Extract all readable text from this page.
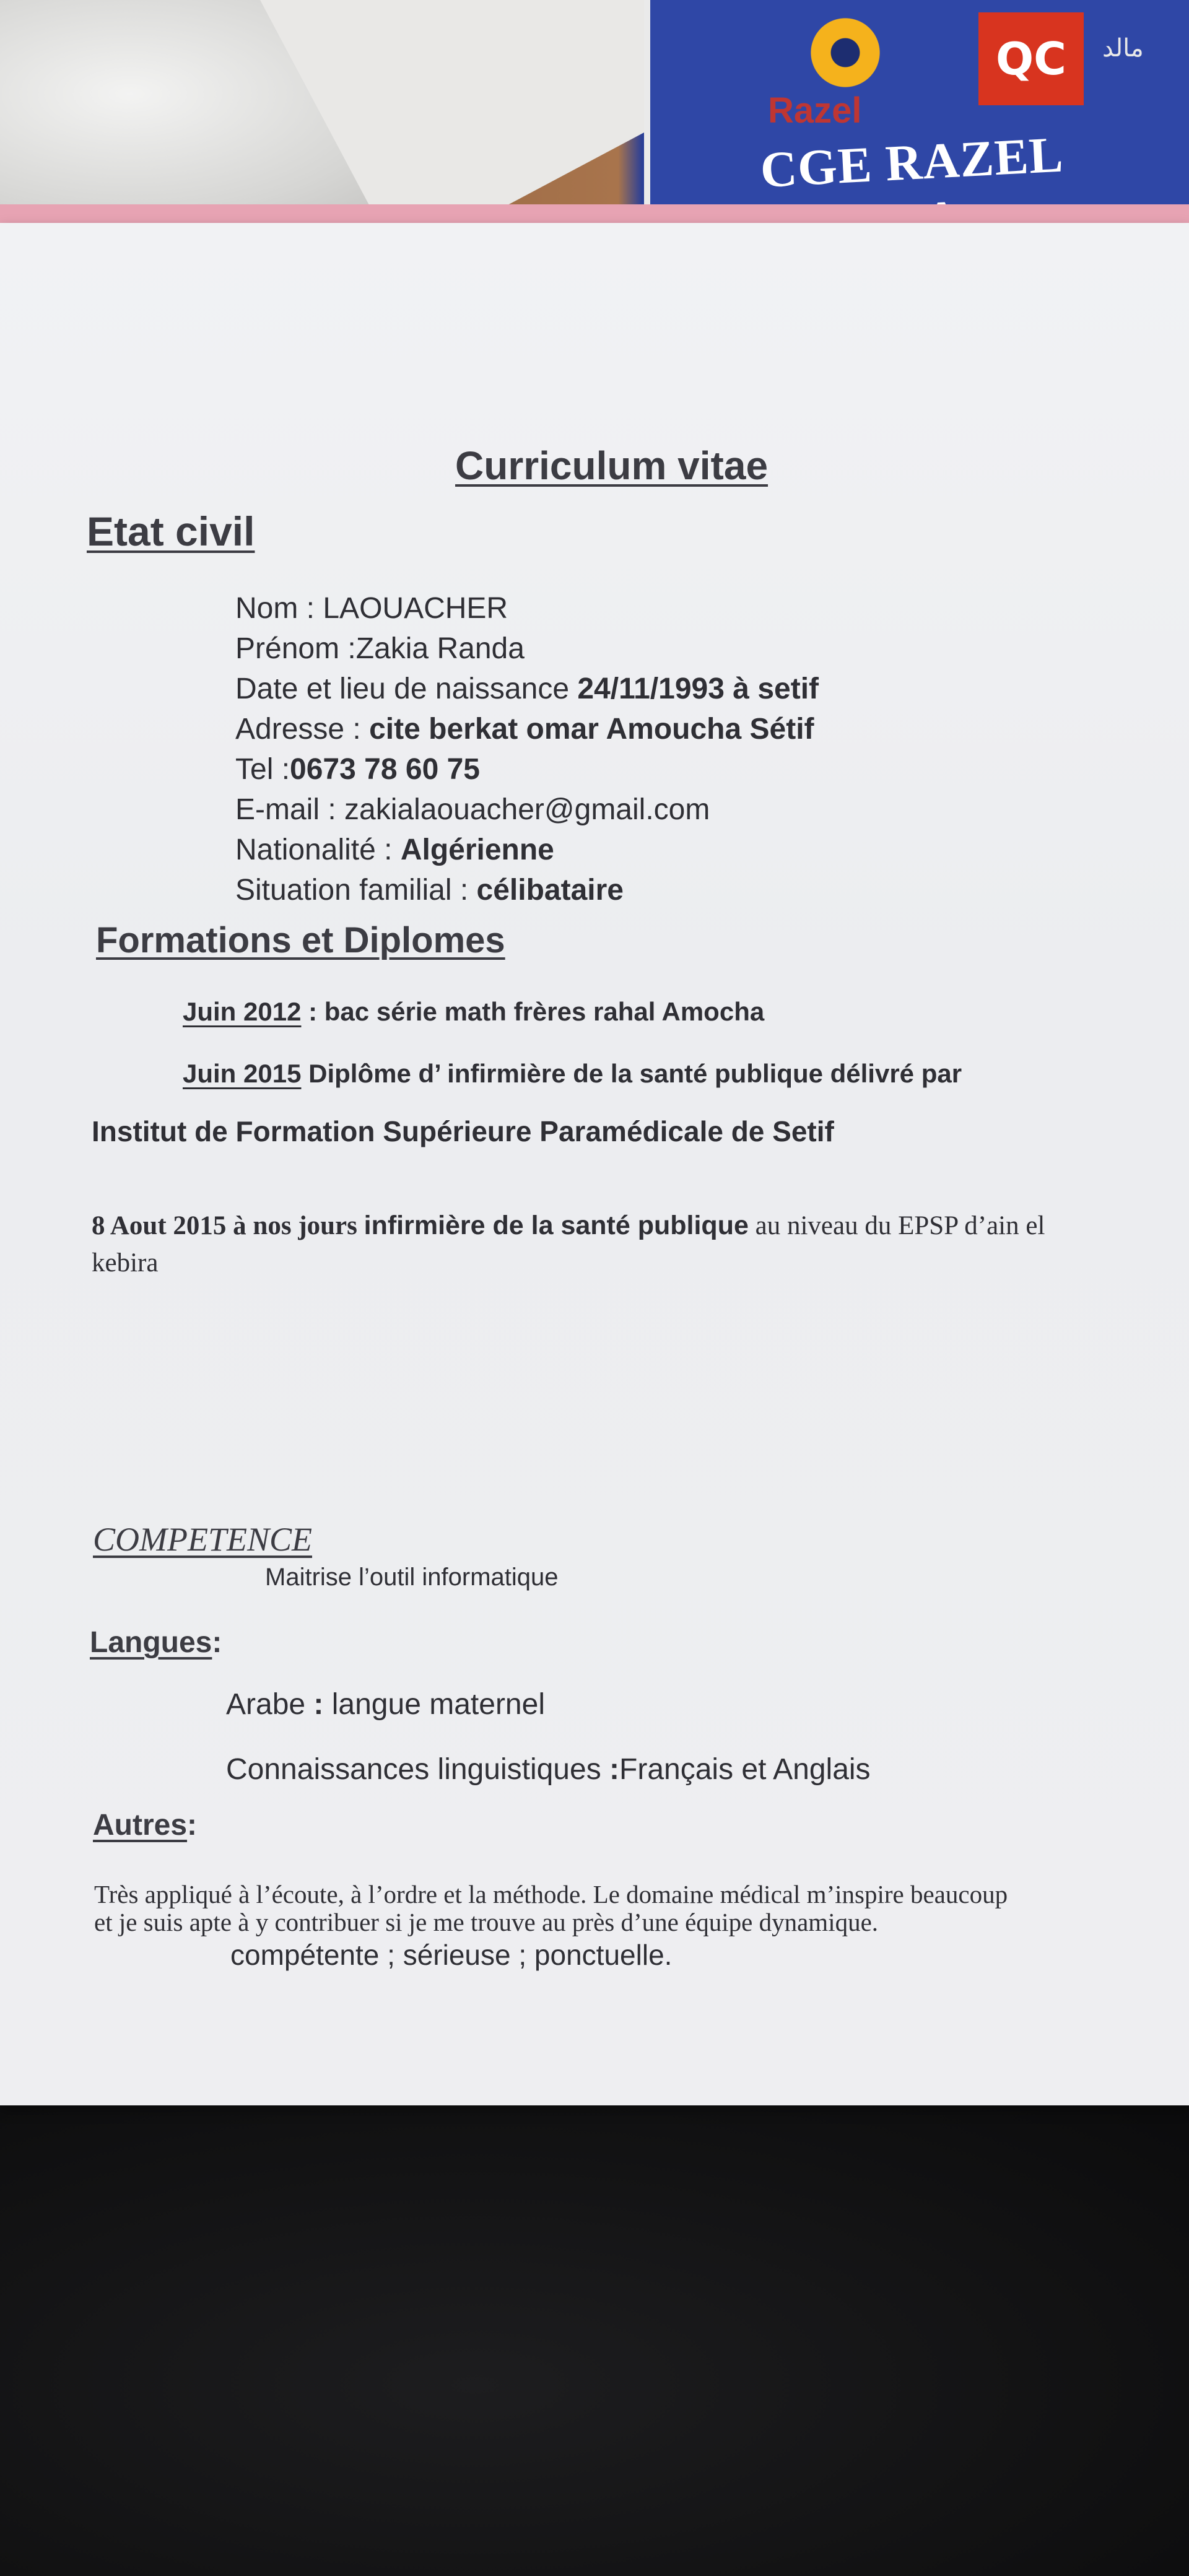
QC
Razel
مالد
CGE RAZEL
Curriculum vitae
Etat civil
Nom : LAOUACHER
Prénom :Zakia Randa
Date et lieu de naissance 24/11/1993 à setif
Adresse : cite berkat omar Amoucha Sétif
Tel :0673 78 60 75
E-mail : zakialaouacher@gmail.com
Nationalité : Algérienne
Situation familial : célibataire
Formations et Diplomes
Juin 2012 : bac série math frères rahal Amocha
Juin 2015 Diplôme d’ infirmière de la santé publique délivré par
Institut de Formation Supérieure Paramédicale de Setif
8 Aout 2015 à nos jours infirmière de la santé publique au niveau du EPSP d’ain el
kebira
COMPETENCE
Maitrise l’outil informatique
Langues:
Arabe : langue maternel
Connaissances linguistiques :Français et Anglais
Autres:
Très appliqué à l’écoute, à l’ordre et la méthode. Le domaine médical m’inspire beaucoup
et je suis apte à y contribuer si je me trouve au près d’une équipe dynamique.
compétente ; sérieuse ; ponctuelle.
